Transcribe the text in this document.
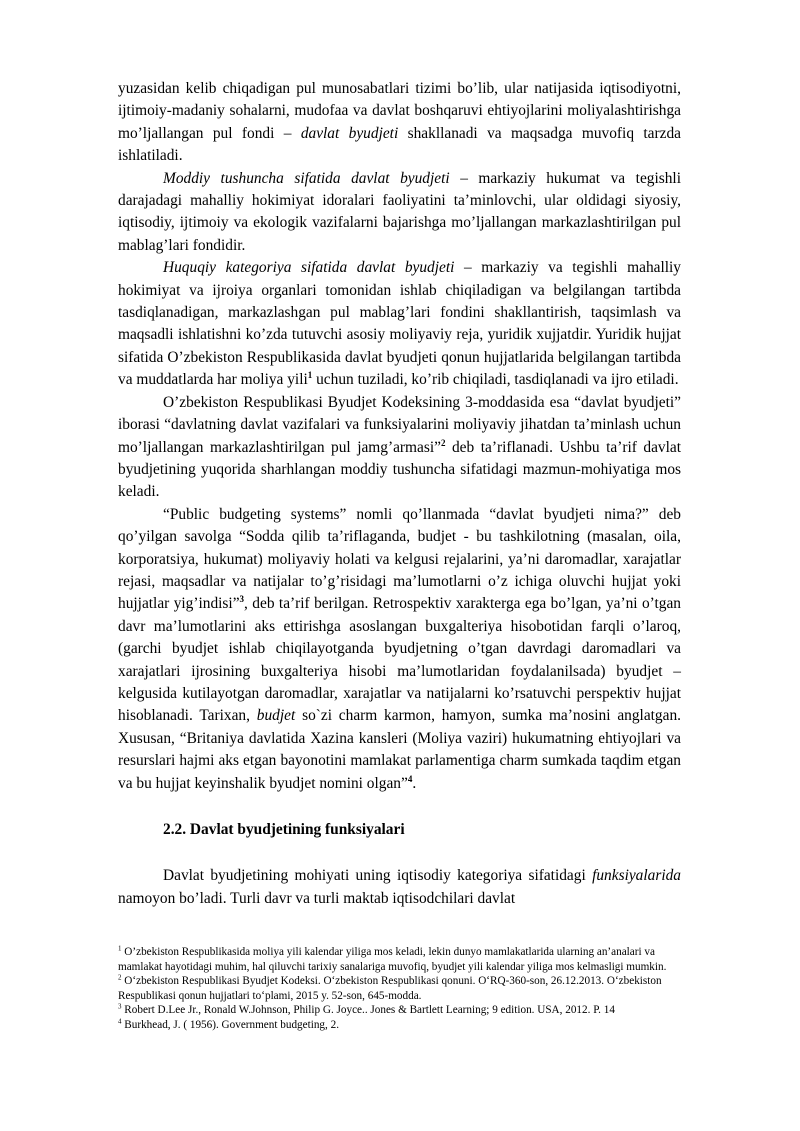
yuzasidan kelib chiqadigan pul munosabatlari tizimi bo’lib, ular natijasida iqtisodiyotni, ijtimoiy-madaniy sohalarni, mudofaa va davlat boshqaruvi ehtiyojlarini moliyalashtirishga mo’ljallangan pul fondi – davlat byudjeti shakllanadi va maqsadga muvofiq tarzda ishlatiladi.

Moddiy tushuncha sifatida davlat byudjeti – markaziy hukumat va tegishli darajadagi mahalliy hokimiyat idoralari faoliyatini ta’minlovchi, ular oldidagi siyosiy, iqtisodiy, ijtimoiy va ekologik vazifalarni bajarishga mo’ljallangan markazlashtirilgan pul mablag’lari fondidir.

Huquqiy kategoriya sifatida davlat byudjeti – markaziy va tegishli mahalliy hokimiyat va ijroiya organlari tomonidan ishlab chiqiladigan va belgilangan tartibda tasdiqlanadigan, markazlashgan pul mablag’lari fondini shakllantirish, taqsimlash va maqsadli ishlatishni ko’zda tutuvchi asosiy moliyaviy reja, yuridik xujjatdir. Yuridik hujjat sifatida O’zbekiston Respublikasida davlat byudjeti qonun hujjatlarida belgilangan tartibda va muddatlarda har moliya yili$^1$ uchun tuziladi, ko’rib chiqiladi, tasdiqlanadi va ijro etiladi.

O’zbekiston Respublikasi Byudjet Kodeksining 3-moddasida esa “davlat byudjeti” iborasi “davlatning davlat vazifalari va funksiyalarini moliyaviy jihatdan ta’minlash uchun mo’ljallangan markazlashtirilgan pul jamg’armasi”$^2$ deb ta’riflanadi. Ushbu ta’rif davlat byudjetining yuqorida sharhlangan moddiy tushuncha sifatidagi mazmun-mohiyatiga mos keladi.

“Public budgeting systems” nomli qo’llanmada “davlat byudjeti nima?” deb qo’yilgan savolga “Sodda qilib ta’riflaganda, budjet - bu tashkilotning (masalan, oila, korporatsiya, hukumat) moliyaviy holati va kelgusi rejalarini, ya’ni daromadlar, xarajatlar rejasi, maqsadlar va natijalar to’g’risidagi ma’lumotlarni o’z ichiga oluvchi hujjat yoki hujjatlar yig’indisi”$^3$, deb ta’rif berilgan. Retrospektiv xarakterga ega bo’lgan, ya’ni o’tgan davr ma’lumotlarini aks ettirishga asoslangan buxgalteriya hisobotidan farqli o’laroq, (garchi byudjet ishlab chiqilayotganda byudjetning o’tgan davrdagi daromadlari va xarajatlari ijrosining buxgalteriya hisobi ma’lumotlaridan foydalanilsada) byudjet – kelgusida kutilayotgan daromadlar, xarajatlar va natijalarni ko’rsatuvchi perspektiv hujjat hisoblanadi. Tarixan, budjet so`zi charm karmon, hamyon, sumka ma’nosini anglatgan. Xususan, “Britaniya davlatida Xazina kansleri (Moliya vaziri) hukumatning ehtiyojlari va resurslari hajmi aks etgan bayonotini mamlakat parlamentiga charm sumkada taqdim etgan va bu hujjat keyinshalik byudjet nomini olgan”$^4$.

2.2. Davlat byudjetining funksiyalari

Davlat byudjetining mohiyati uning iqtisodiy kategoriya sifatidagi funksiyalarida namoyon bo’ladi. Turli davr va turli maktab iqtisodchilari davlat

$^1$ O’zbekiston Respublikasida moliya yili kalendar yiliga mos keladi, lekin dunyo mamlakatlarida ularning an’analari va mamlakat hayotidagi muhim, hal qiluvchi tarixiy sanalariga muvofiq, byudjet yili kalendar yiliga mos kelmasligi mumkin.

$^2$ O‘zbekiston Respublikasi Byudjet Kodeksi. O‘zbekiston Respublikasi qonuni. O‘RQ-360-son, 26.12.2013. O‘zbekiston Respublikasi qonun hujjatlari to‘plami, 2015 y. 52-son, 645-modda.

$^3$ Robert D.Lee Jr., Ronald W.Johnson, Philip G. Joyce.. Jones & Bartlett Learning; 9 edition. USA, 2012. P. 14

$^4$ Burkhead, J. ( 1956). Government budgeting, 2.
